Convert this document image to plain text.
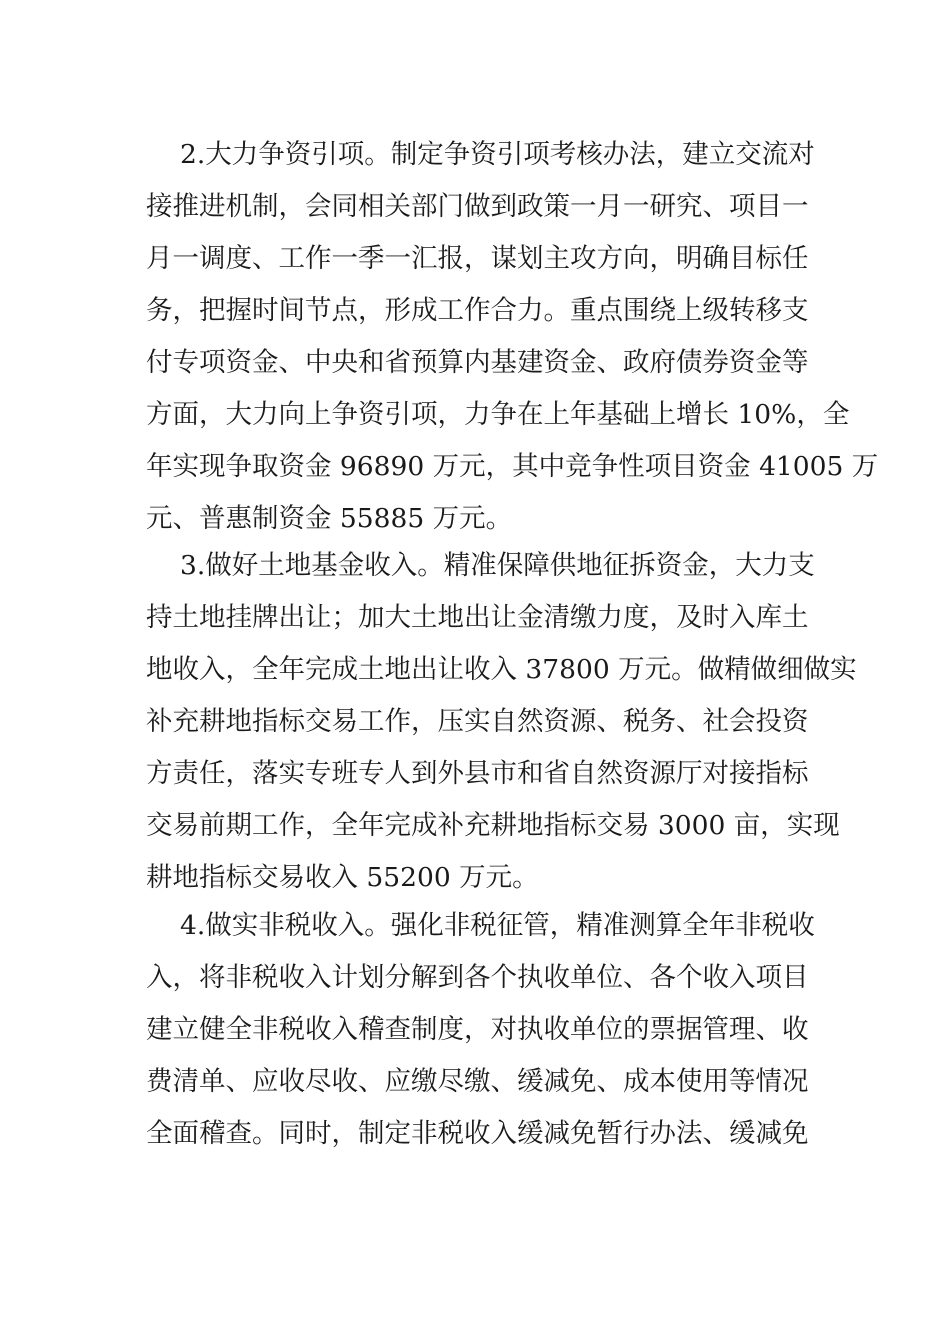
2.大力争资引项。制定争资引项考核办法，建立交流对
接推进机制，会同相关部门做到政策一月一研究、项目一
月一调度、工作一季一汇报，谋划主攻方向，明确目标任
务，把握时间节点，形成工作合力。重点围绕上级转移支
付专项资金、中央和省预算内基建资金、政府债券资金等
方面，大力向上争资引项，力争在上年基础上增长 10%，全
年实现争取资金 96890 万元，其中竞争性项目资金 41005 万
元、普惠制资金 55885 万元。
3.做好土地基金收入。精准保障供地征拆资金，大力支
持土地挂牌出让；加大土地出让金清缴力度，及时入库土
地收入，全年完成土地出让收入 37800 万元。做精做细做实
补充耕地指标交易工作，压实自然资源、税务、社会投资
方责任，落实专班专人到外县市和省自然资源厅对接指标
交易前期工作，全年完成补充耕地指标交易 3000 亩，实现
耕地指标交易收入 55200 万元。
4.做实非税收入。强化非税征管，精准测算全年非税收
入，将非税收入计划分解到各个执收单位、各个收入项目
建立健全非税收入稽查制度，对执收单位的票据管理、收
费清单、应收尽收、应缴尽缴、缓减免、成本使用等情况
全面稽查。同时，制定非税收入缓减免暂行办法、缓减免
